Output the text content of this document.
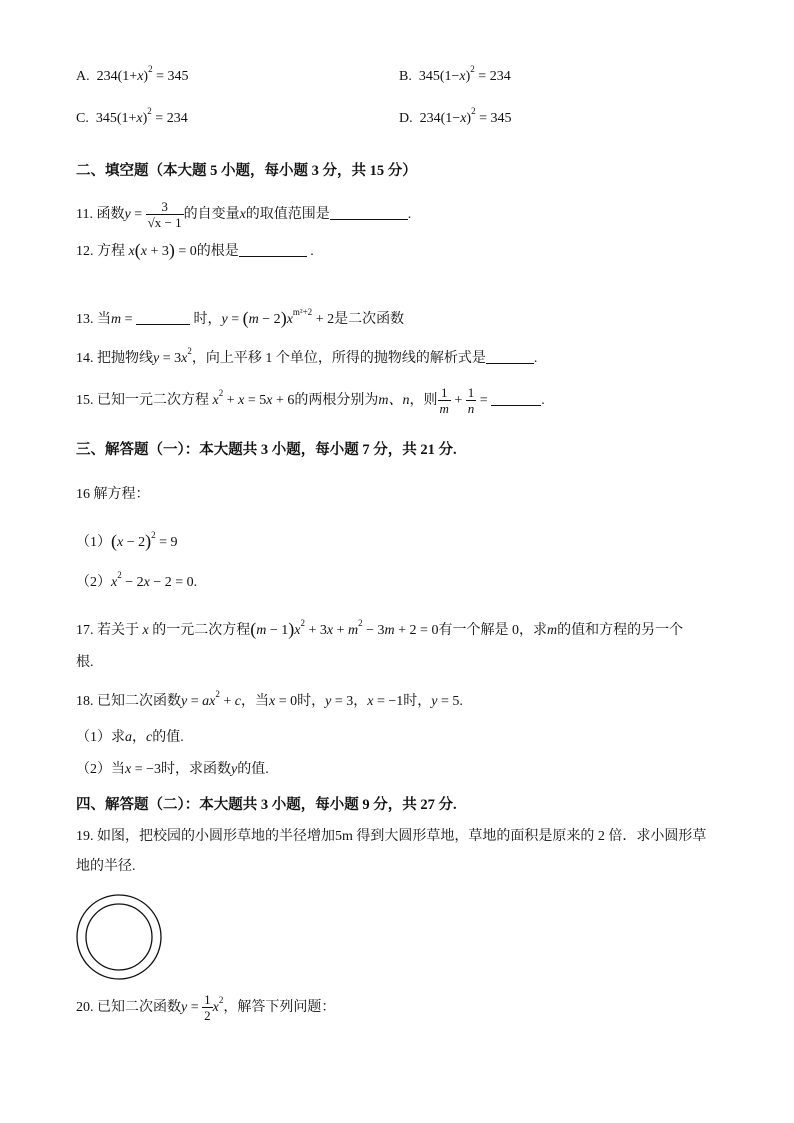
A. $234(1+x)^2 = 345$	B. $345(1-x)^2 = 234$
C. $345(1+x)^2 = 234$	D. $234(1-x)^2 = 345$
二、填空题（本大题 5 小题，每小题 3 分，共 15 分）
11. 函数$y = \frac{3}{√x - 1}$ 的自变量x的取值范围是	.
12. 方程 x(x + 3) = 0的根是	.
13. 当m =	时，$y = (m - 2)x^{m^2+2} + 2$是二次函数
14. 把抛物线$y = 3x^2$，向上平移 1 个单位，所得的抛物线的解析式是	.
15. 已知一元二次方程 $x^2 + x = 5x + 6$的两根分别为m、n，则 $\frac{1}{m} + \frac{1}{n}$ =	.
三、解答题（一）：本大题共 3 小题，每小题 7 分，共 21 分.
16 解方程：
$(1)(x - 2)^2 = 9$
$(2)x^2 - 2x - 2 = 0$.
17. 若关于 x 的一元二次方程$(m - 1)x^2 + 3x + m^2 - 3m + 2 = 0$有一个解是 0，求m的值和方程的另一个
根.
18. 已知二次函数$y = ax^2 + c$，当x = 0时，y = 3，x = −1时，y = 5.
（1）求a，c的值.
（2）当x = −3时，求函数y的值.
四、解答题（二）：本大题共 3 小题，每小题 9 分，共 27 分.
19. 如图，把校园的小圆形草地的半径增加5m 得到大圆形草地，草地的面积是原来的 2 倍．求小圆形草
地的半径.
20. 已知二次函数$y = \frac{1}{2} x^2$，解答下列问题：
